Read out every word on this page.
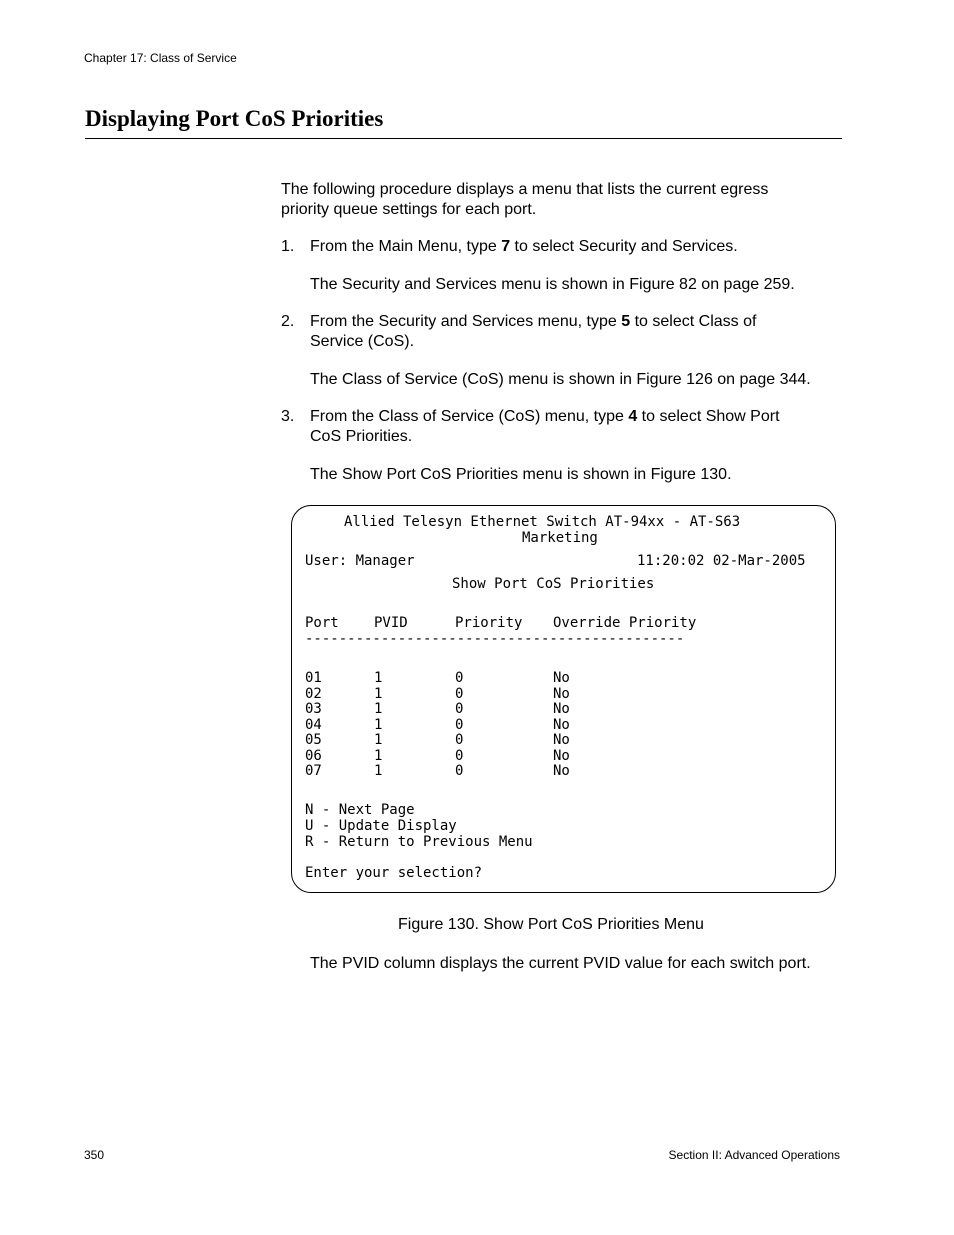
Chapter 17: Class of Service
Displaying Port CoS Priorities
The following procedure displays a menu that lists the current egress
priority queue settings for each port.
1. From the Main Menu, type 7 to select Security and Services.
The Security and Services menu is shown in Figure 82 on page 259.
2. From the Security and Services menu, type 5 to select Class of
Service (CoS).
The Class of Service (CoS) menu is shown in Figure 126 on page 344.
3. From the Class of Service (CoS) menu, type 4 to select Show Port
CoS Priorities.
The Show Port CoS Priorities menu is shown in Figure 130.
Allied Telesyn Ethernet Switch AT-94xx - AT-S63
Marketing
User: Manager	11:20:02 02-Mar-2005
Show Port CoS Priorities
Port	PVID	Priority Override Priority
---------------------------------------------
01	1	0	No
02	1	0	No
03	1	0	No
04	1	0	No
05	1	0	No
06	1	0	No
07	1	0	No
N - Next Page
U - Update Display
R - Return to Previous Menu
Enter your selection?
Figure 130. Show Port CoS Priorities Menu
The PVID column displays the current PVID value for each switch port.
350	Section II: Advanced Operations
